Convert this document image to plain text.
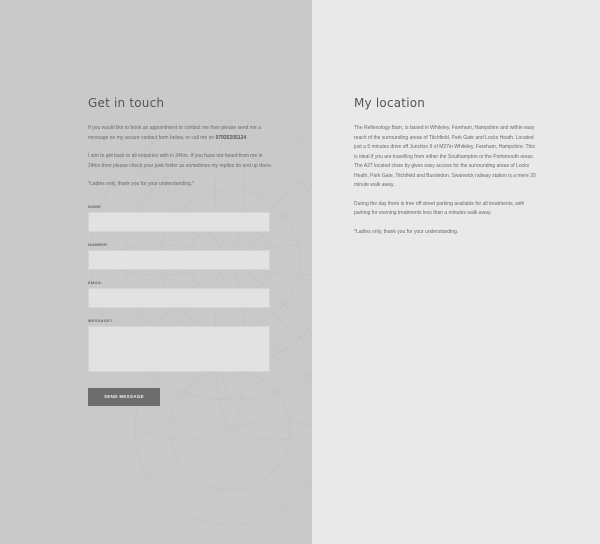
Get in touch

If you would like to book an appointment or contact me then please send me a message on my secure contact form below, or call me on 07935205124

I aim to get back to all enquiries with in 24hrs. If you have not heard from me in 24hrs then please check your junk folder as sometimes my replies do end up there.

*Ladies only, thank you for your understanding.*

NAME
NUMBER
EMAIL
MESSAGE?
SEND MESSAGE
My location

The Reflexology Barn, is based in Whiteley, Fareham, Hampshire and within easy reach of the surrounding areas of Titchfield, Park Gate and Locks Heath. Located just a 5 minutes drive off Junction 9 of M27in Whiteley, Fareham, Hampshire. This is ideal if you are travelling from either the Southampton or the Portsmouth areas. The A27 located close by gives easy access for the surrounding areas of Locks Heath, Park Gate, Titchfield and Bursledon. Swanwick railway station is a mere 20 minute walk away.

During the day there is free off street parking available for all treatments, with parking for evening treatments less than a minutes walk away.

*Ladies only, thank you for your understanding.
